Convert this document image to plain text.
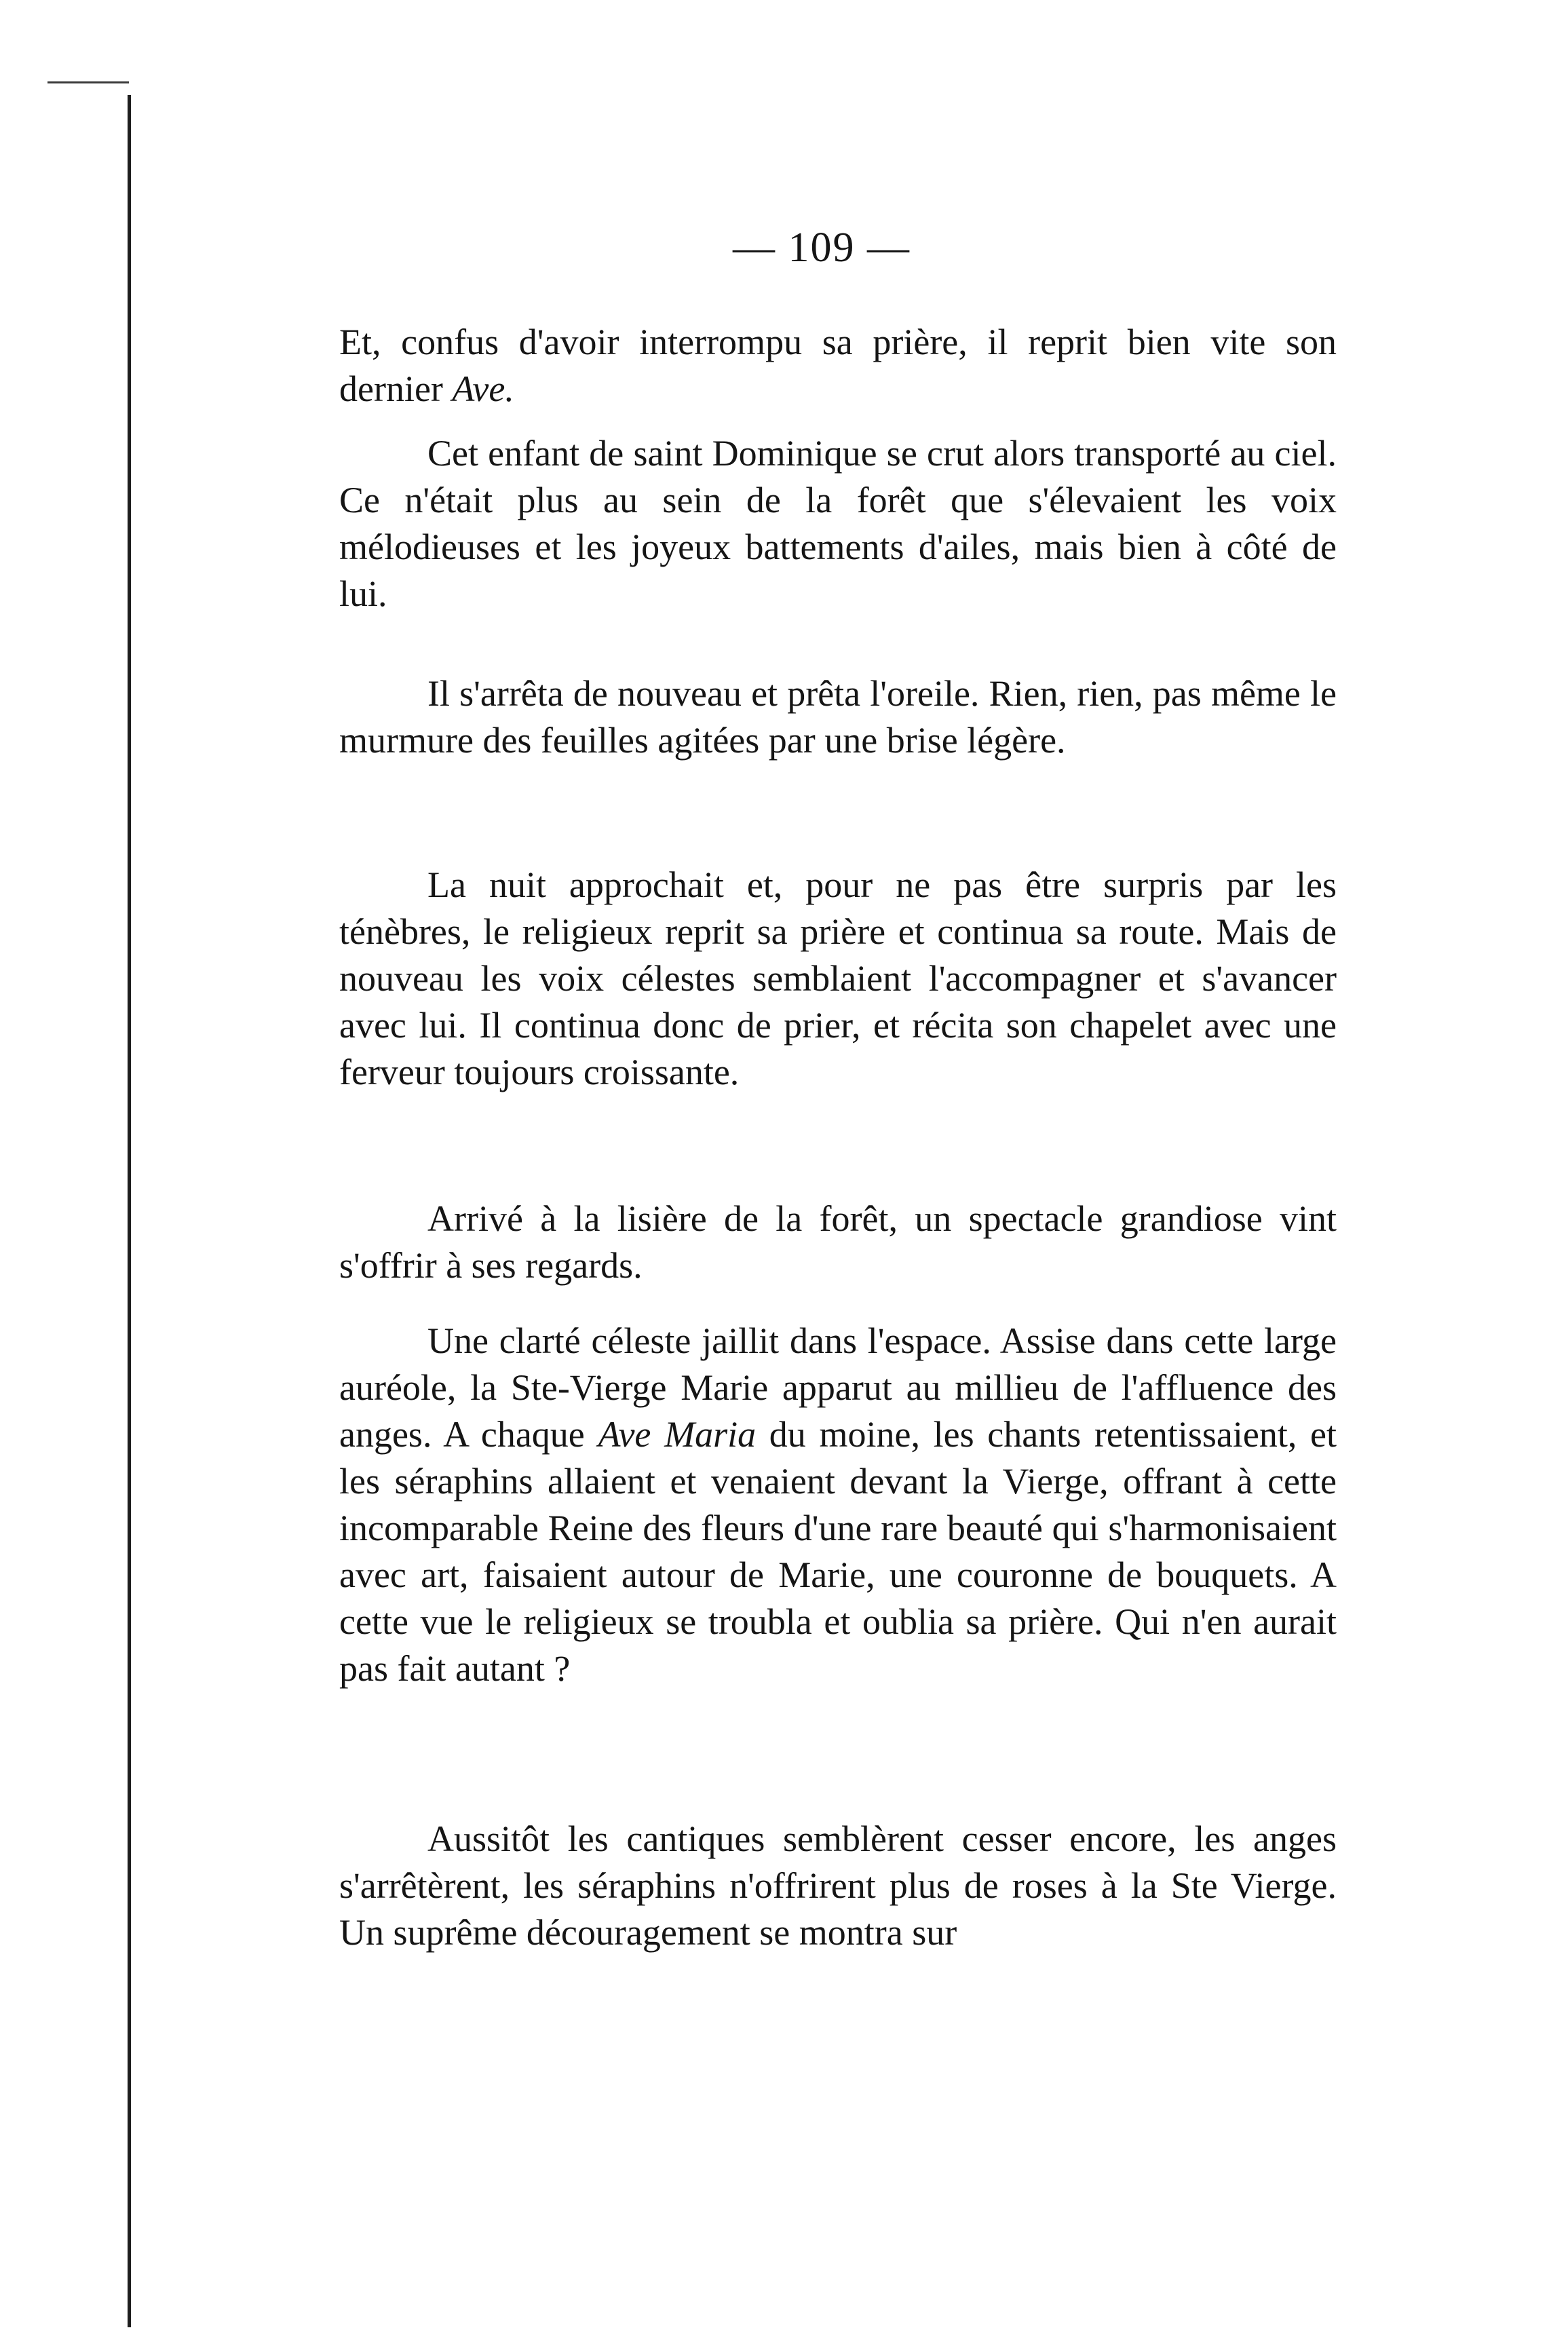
— 109 —

Et, confus d'avoir interrompu sa prière, il reprit bien vite son dernier Ave.

Cet enfant de saint Dominique se crut alors transporté au ciel. Ce n'était plus au sein de la forêt que s'élevaient les voix mélodieuses et les joyeux battements d'ailes, mais bien à côté de lui.

Il s'arrêta de nouveau et prêta l'oreile. Rien, rien, pas même le murmure des feuilles agitées par une brise légère.

La nuit approchait et, pour ne pas être surpris par les ténèbres, le religieux reprit sa prière et continua sa route. Mais de nouveau les voix célestes semblaient l'accompagner et s'avancer avec lui. Il continua donc de prier, et récita son chapelet avec une ferveur toujours croissante.

Arrivé à la lisière de la forêt, un spectacle grandiose vint s'offrir à ses regards.

Une clarté céleste jaillit dans l'espace. Assise dans cette large auréole, la Ste-Vierge Marie apparut au millieu de l'affluence des anges. A chaque Ave Maria du moine, les chants retentissaient, et les séraphins allaient et venaient devant la Vierge, offrant à cette incomparable Reine des fleurs d'une rare beauté qui s'harmonisaient avec art, faisaient autour de Marie, une couronne de bouquets. A cette vue le religieux se troubla et oublia sa prière. Qui n'en aurait pas fait autant ?

Aussitôt les cantiques semblèrent cesser encore, les anges s'arrêtèrent, les séraphins n'offrirent plus de roses à la Ste Vierge. Un suprême découragement se montra sur
